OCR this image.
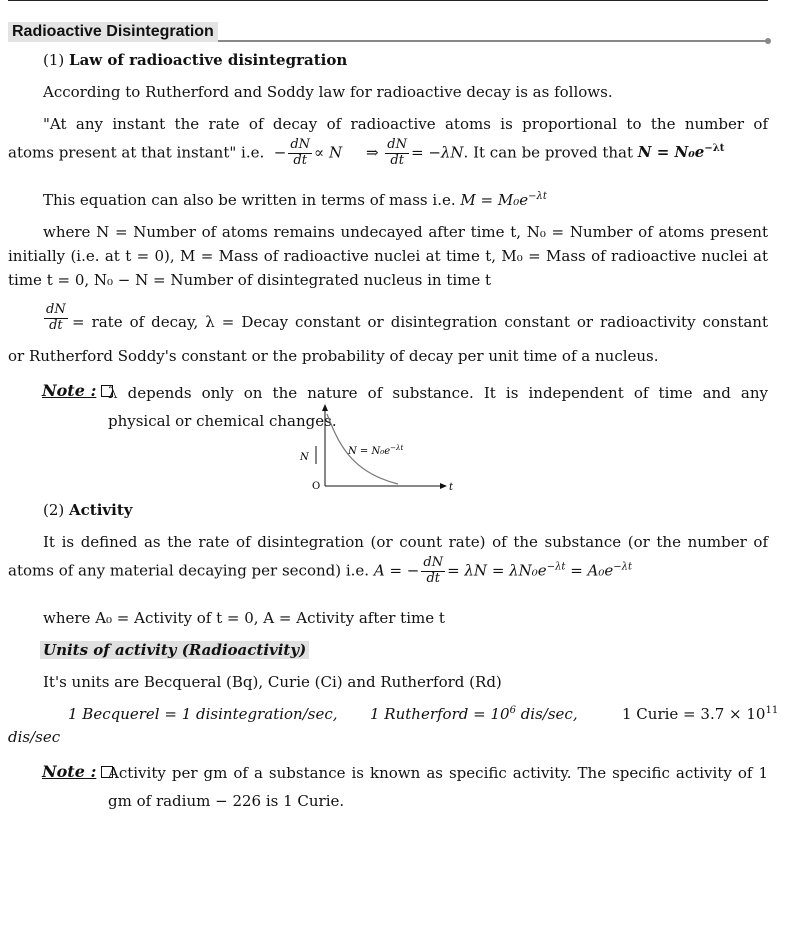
Radioactive Disintegration
(1) Law of radioactive disintegration
According to Rutherford and Soddy law for radioactive decay is as follows.
"At any instant the rate of decay of radioactive atoms is proportional to the number of
atoms present at that instant" i.e.  − $\frac{dN}{dt} \propto N$ ⇒ $\frac{dN}{dt} = -\lambda N$. It can be proved that $N = N_0e^{-\lambda t}$
This equation can also be written in terms of mass i.e. $M = M_0e^{-\lambda t}$
where N = Number of atoms remains undecayed after time t, N₀ = Number of atoms present
initially (i.e. at t = 0), M = Mass of radioactive nuclei at time t, M₀ = Mass of radioactive nuclei at
time t = 0, N₀ − N = Number of disintegrated nucleus in time t
$\frac{dN}{dt}$ = rate of decay, λ = Decay constant or disintegration constant or radioactivity constant
or Rutherford Soddy's constant or the probability of decay per unit time of a nucleus.
Note : λ depends only on the nature of substance. It is independent of time and any
physical or chemical changes.
N
t
O
$N = N_0e^{-\lambda t}$
(2) Activity
It is defined as the rate of disintegration (or count rate) of the substance (or the number of
atoms of any material decaying per second) i.e. A = − $\frac{dN}{dt} = \lambda N = \lambda N_0e^{-\lambda t} = A_0e^{-\lambda t}$
where A₀ = Activity of t = 0, A = Activity after time t
Units of activity (Radioactivity)
It's units are Becqueral (Bq), Curie (Ci) and Rutherford (Rd)
1 Becquerel = 1 disintegration/sec, 1 Rutherford = $10^6$ dis/sec,	1 Curie = $3.7 \times 10^{11}$
dis/sec
Note : Activity per gm of a substance is known as specific activity. The specific activity of 1
gm of radium − 226 is 1 Curie.
